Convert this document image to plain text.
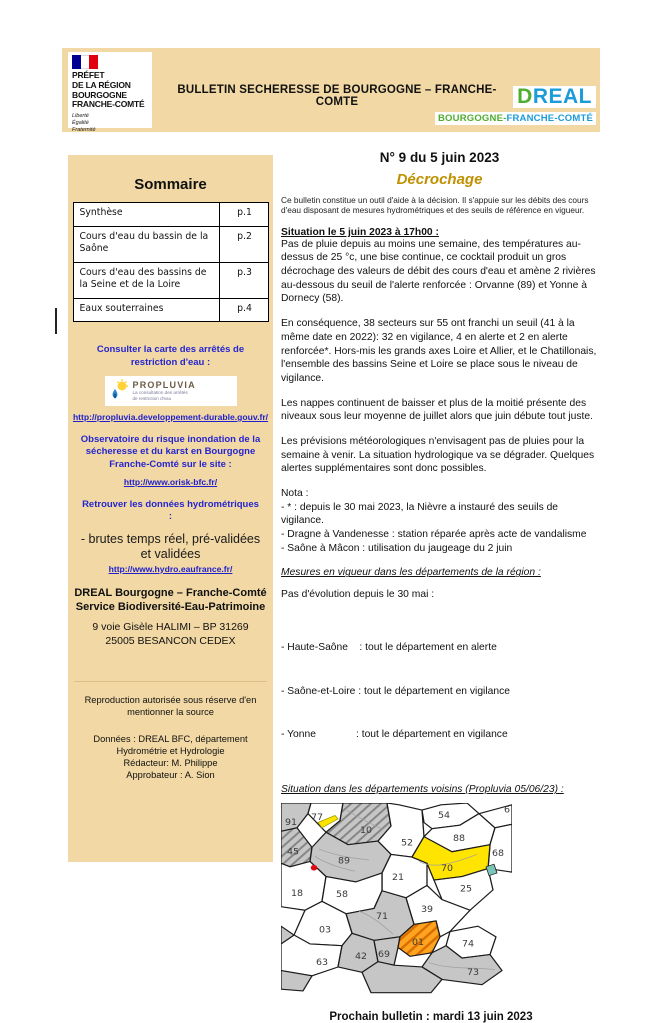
PRÉFET
DE LA RÉGION
BOURGOGNE
FRANCHE-COMTÉ
Liberté
Égalité
Fraternité
BULLETIN SECHERESSE DE BOURGOGNE – FRANCHE-COMTE	DREAL
BOURGOGNE-FRANCHE-COMTÉ
Sommaire
Synthèse	p.1
Cours d'eau du bassin de la Saône	p.2
Cours d'eau des bassins de la Seine et de la Loire	p.3
Eaux souterraines	p.4
Consulter la carte des arrêtés de restriction d'eau :
PROPLUVIA
La consultation des arrêtés
de restriction d'eau
http://propluvia.developpement-durable.gouv.fr/
Observatoire du risque inondation de la sécheresse et du karst en Bourgogne Franche-Comté sur le site :
http://www.orisk-bfc.fr/
Retrouver les données hydrométriques :
- brutes temps réel, pré-validées et validées
http://www.hydro.eaufrance.fr/
DREAL Bourgogne – Franche-Comté
Service Biodiversité-Eau-Patrimoine
9 voie Gisèle HALIMI – BP 31269
25005 BESANCON CEDEX
Reproduction autorisée sous réserve d'en mentionner la source
Données : DREAL BFC, département Hydrométrie et Hydrologie
Rédacteur: M. Philippe
Approbateur : A. Sion
N° 9 du 5 juin 2023
Décrochage
Ce bulletin constitue un outil d'aide à la décision. Il s'appuie sur les débits des cours d'eau disposant de mesures hydrométriques et des seuils de référence en vigueur.
Situation le 5 juin 2023 à 17h00 :

Pas de pluie depuis au moins une semaine, des températures au-dessus de 25 °c, une bise continue, ce cocktail produit un gros décrochage des valeurs de débit des cours d'eau et amène 2 rivières au-dessous du seuil de l'alerte renforcée : Orvanne (89) et Yonne à Dornecy (58).

En conséquence, 38 secteurs sur 55 ont franchi un seuil (41 à la même date en 2022): 32 en vigilance, 4 en alerte et 2 en alerte renforcée*. Hors-mis les grands axes Loire et Allier, et le Chatillonais, l'ensemble des bassins Seine et Loire se place sous le niveau de vigilance.

Les nappes continuent de baisser et plus de la moitié présente des niveaux sous leur moyenne de juillet alors que juin débute tout juste.

Les prévisions météorologiques n'envisagent pas de pluies pour la semaine à venir. La situation hydrologique va se dégrader. Quelques alertes supplémentaires sont donc possibles.

Nota :
- * : depuis le 30 mai 2023, la Nièvre a instauré des seuils de vigilance.
- Dragne à Vandenesse : station réparée après acte de vandalisme
- Saône à Mâcon : utilisation du jaugeage du 2 juin
Mesures en vigueur dans les départements de la région :
Pas d'évolution depuis le 30 mai :

- Haute-Saône    : tout le département en alerte

- Saône-et-Loire : tout le département en vigilance

- Yonne              : tout le département en vigilance

Situation dans les départements voisins (Propluvia 05/06/23) :
91
77
10
52
54
88
6
68
45
89
21
70
25
18	58
39
71
03
01	74
63
42 69
73
Prochain bulletin : mardi 13 juin 2023
